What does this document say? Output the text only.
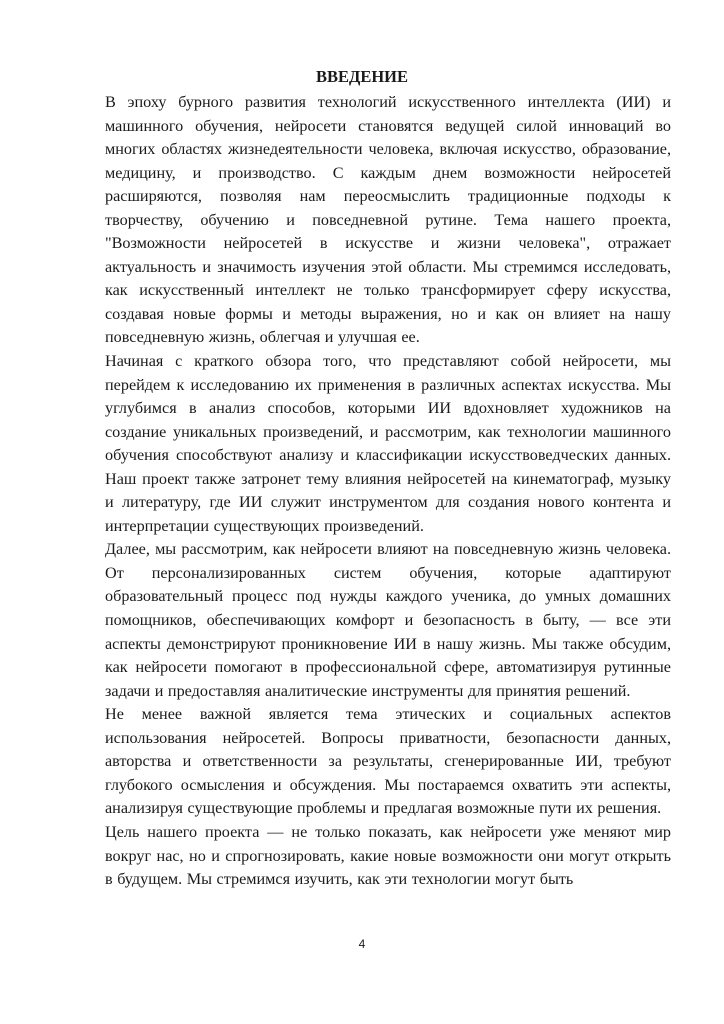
ВВЕДЕНИЕ

В эпоху бурного развития технологий искусственного интеллекта (ИИ) и машинного обучения, нейросети становятся ведущей силой инноваций во многих областях жизнедеятельности человека, включая искусство, образование, медицину, и производство. С каждым днем возможности нейросетей расширяются, позволяя нам переосмыслить традиционные подходы к творчеству, обучению и повседневной рутине. Тема нашего проекта, "Возможности нейросетей в искусстве и жизни человека", отражает актуальность и значимость изучения этой области. Мы стремимся исследовать, как искусственный интеллект не только трансформирует сферу искусства, создавая новые формы и методы выражения, но и как он влияет на нашу повседневную жизнь, облегчая и улучшая ее.

Начиная с краткого обзора того, что представляют собой нейросети, мы перейдем к исследованию их применения в различных аспектах искусства. Мы углубимся в анализ способов, которыми ИИ вдохновляет художников на создание уникальных произведений, и рассмотрим, как технологии машинного обучения способствуют анализу и классификации искусствоведческих данных. Наш проект также затронет тему влияния нейросетей на кинематограф, музыку и литературу, где ИИ служит инструментом для создания нового контента и интерпретации существующих произведений.

Далее, мы рассмотрим, как нейросети влияют на повседневную жизнь человека. От персонализированных систем обучения, которые адаптируют образовательный процесс под нужды каждого ученика, до умных домашних помощников, обеспечивающих комфорт и безопасность в быту, — все эти аспекты демонстрируют проникновение ИИ в нашу жизнь. Мы также обсудим, как нейросети помогают в профессиональной сфере, автоматизируя рутинные задачи и предоставляя аналитические инструменты для принятия решений.

Не менее важной является тема этических и социальных аспектов использования нейросетей. Вопросы приватности, безопасности данных, авторства и ответственности за результаты, сгенерированные ИИ, требуют глубокого осмысления и обсуждения. Мы постараемся охватить эти аспекты, анализируя существующие проблемы и предлагая возможные пути их решения.

Цель нашего проекта — не только показать, как нейросети уже меняют мир вокруг нас, но и спрогнозировать, какие новые возможности они могут открыть в будущем. Мы стремимся изучить, как эти технологии могут быть

4
